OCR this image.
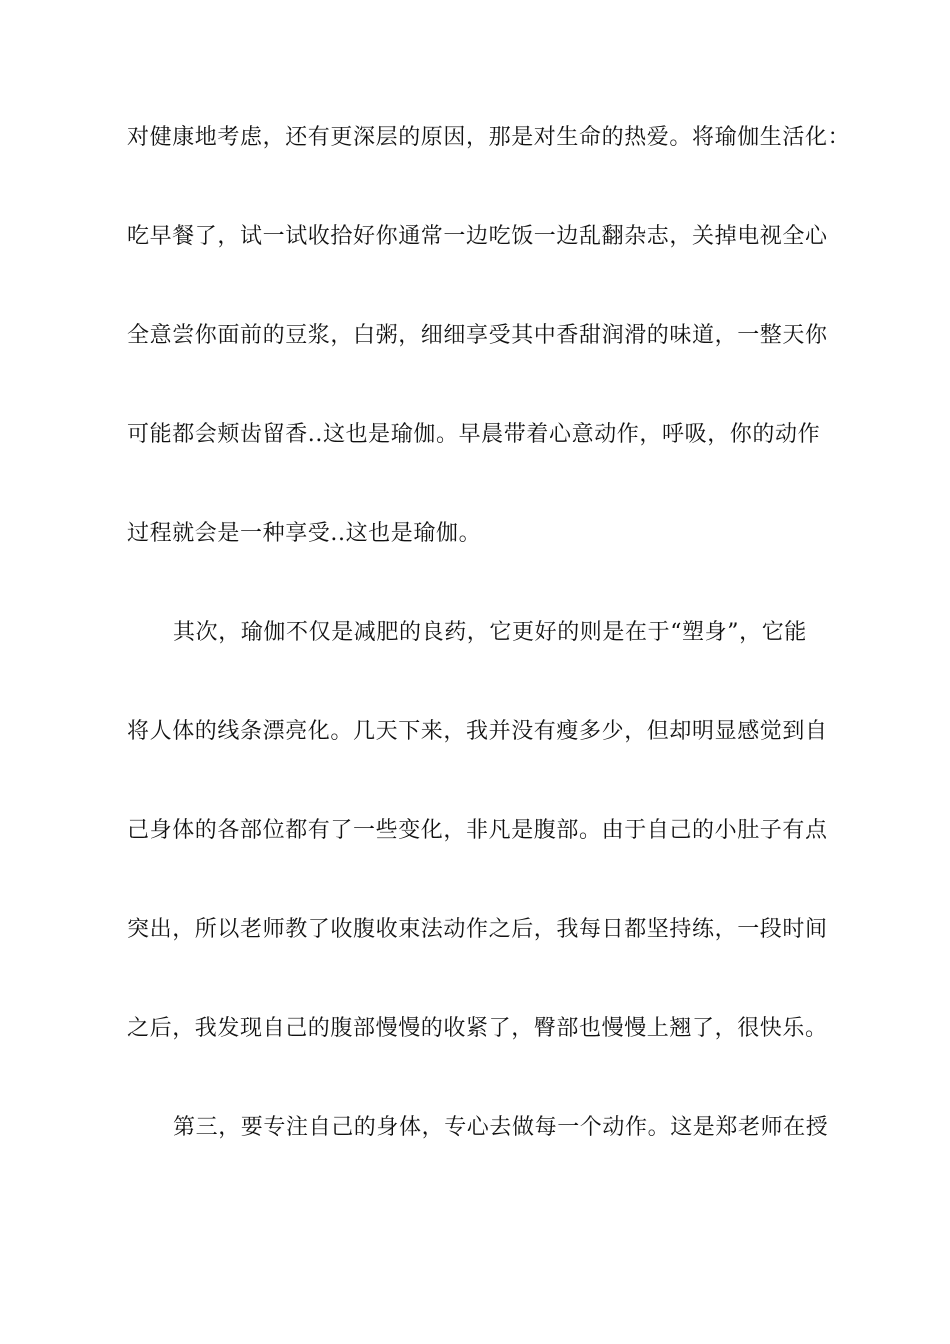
对健康地考虑，还有更深层的原因，那是对生命的热爱。将瑜伽生活化：
吃早餐了，试一试收拾好你通常一边吃饭一边乱翻杂志，关掉电视全心
全意尝你面前的豆浆，白粥，细细享受其中香甜润滑的味道，一整天你
可能都会颊齿留香..这也是瑜伽。早晨带着心意动作，呼吸，你的动作
过程就会是一种享受..这也是瑜伽。
其次，瑜伽不仅是减肥的良药，它更好的则是在于“塑身”，它能
将人体的线条漂亮化。几天下来，我并没有瘦多少，但却明显感觉到自
己身体的各部位都有了一些变化，非凡是腹部。由于自己的小肚子有点
突出，所以老师教了收腹收束法动作之后，我每日都坚持练，一段时间
之后，我发现自己的腹部慢慢的收紧了，臀部也慢慢上翘了，很快乐。
第三，要专注自己的身体，专心去做每一个动作。这是郑老师在授
